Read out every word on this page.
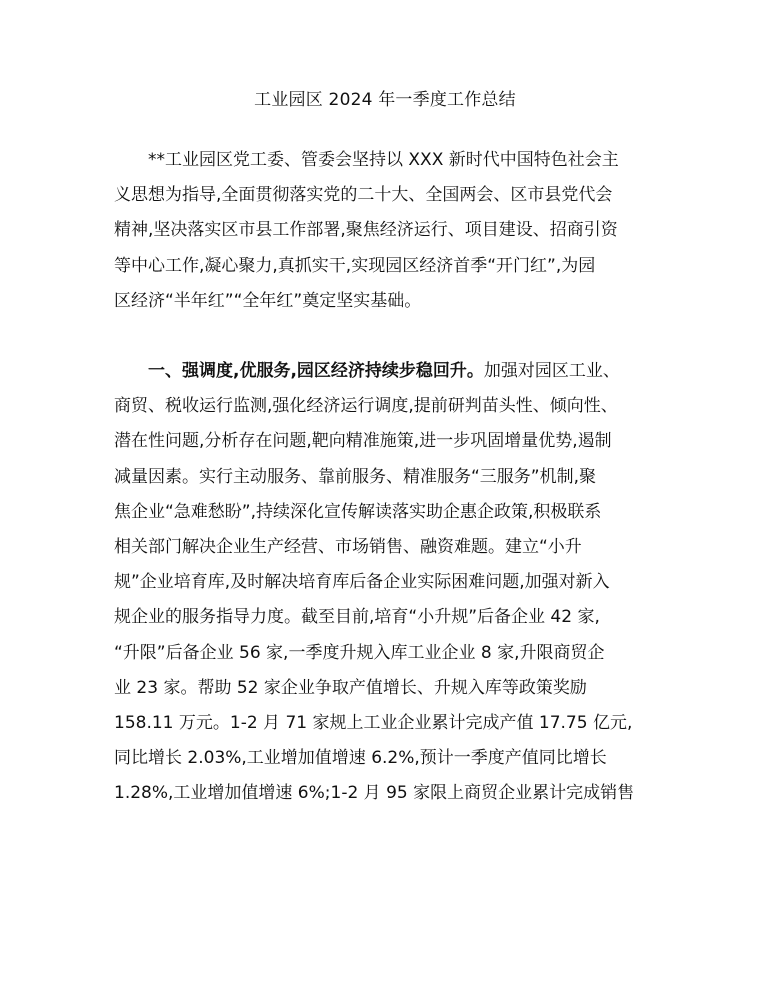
工业园区 2024 年一季度工作总结
**工业园区党工委、管委会坚持以 XXX 新时代中国特色社会主
义思想为指导,全面贯彻落实党的二十大、全国两会、区市县党代会
精神,坚决落实区市县工作部署,聚焦经济运行、项目建设、招商引资
等中心工作,凝心聚力,真抓实干,实现园区经济首季“开门红”,为园
区经济“半年红”“全年红”奠定坚实基础。
一、强调度,优服务,园区经济持续步稳回升。加强对园区工业、
商贸、税收运行监测,强化经济运行调度,提前研判苗头性、倾向性、
潜在性问题,分析存在问题,靶向精准施策,进一步巩固增量优势,遏制
减量因素。实行主动服务、靠前服务、精准服务“三服务”机制,聚
焦企业“急难愁盼”,持续深化宣传解读落实助企惠企政策,积极联系
相关部门解决企业生产经营、市场销售、融资难题。建立“小升
规”企业培育库,及时解决培育库后备企业实际困难问题,加强对新入
规企业的服务指导力度。截至目前,培育“小升规”后备企业 42 家,
“升限”后备企业 56 家,一季度升规入库工业企业 8 家,升限商贸企
业 23 家。帮助 52 家企业争取产值增长、升规入库等政策奖励
158.11 万元。1-2 月 71 家规上工业企业累计完成产值 17.75 亿元,
同比增长 2.03%,工业增加值增速 6.2%,预计一季度产值同比增长
1.28%,工业增加值增速 6%;1-2 月 95 家限上商贸企业累计完成销售
